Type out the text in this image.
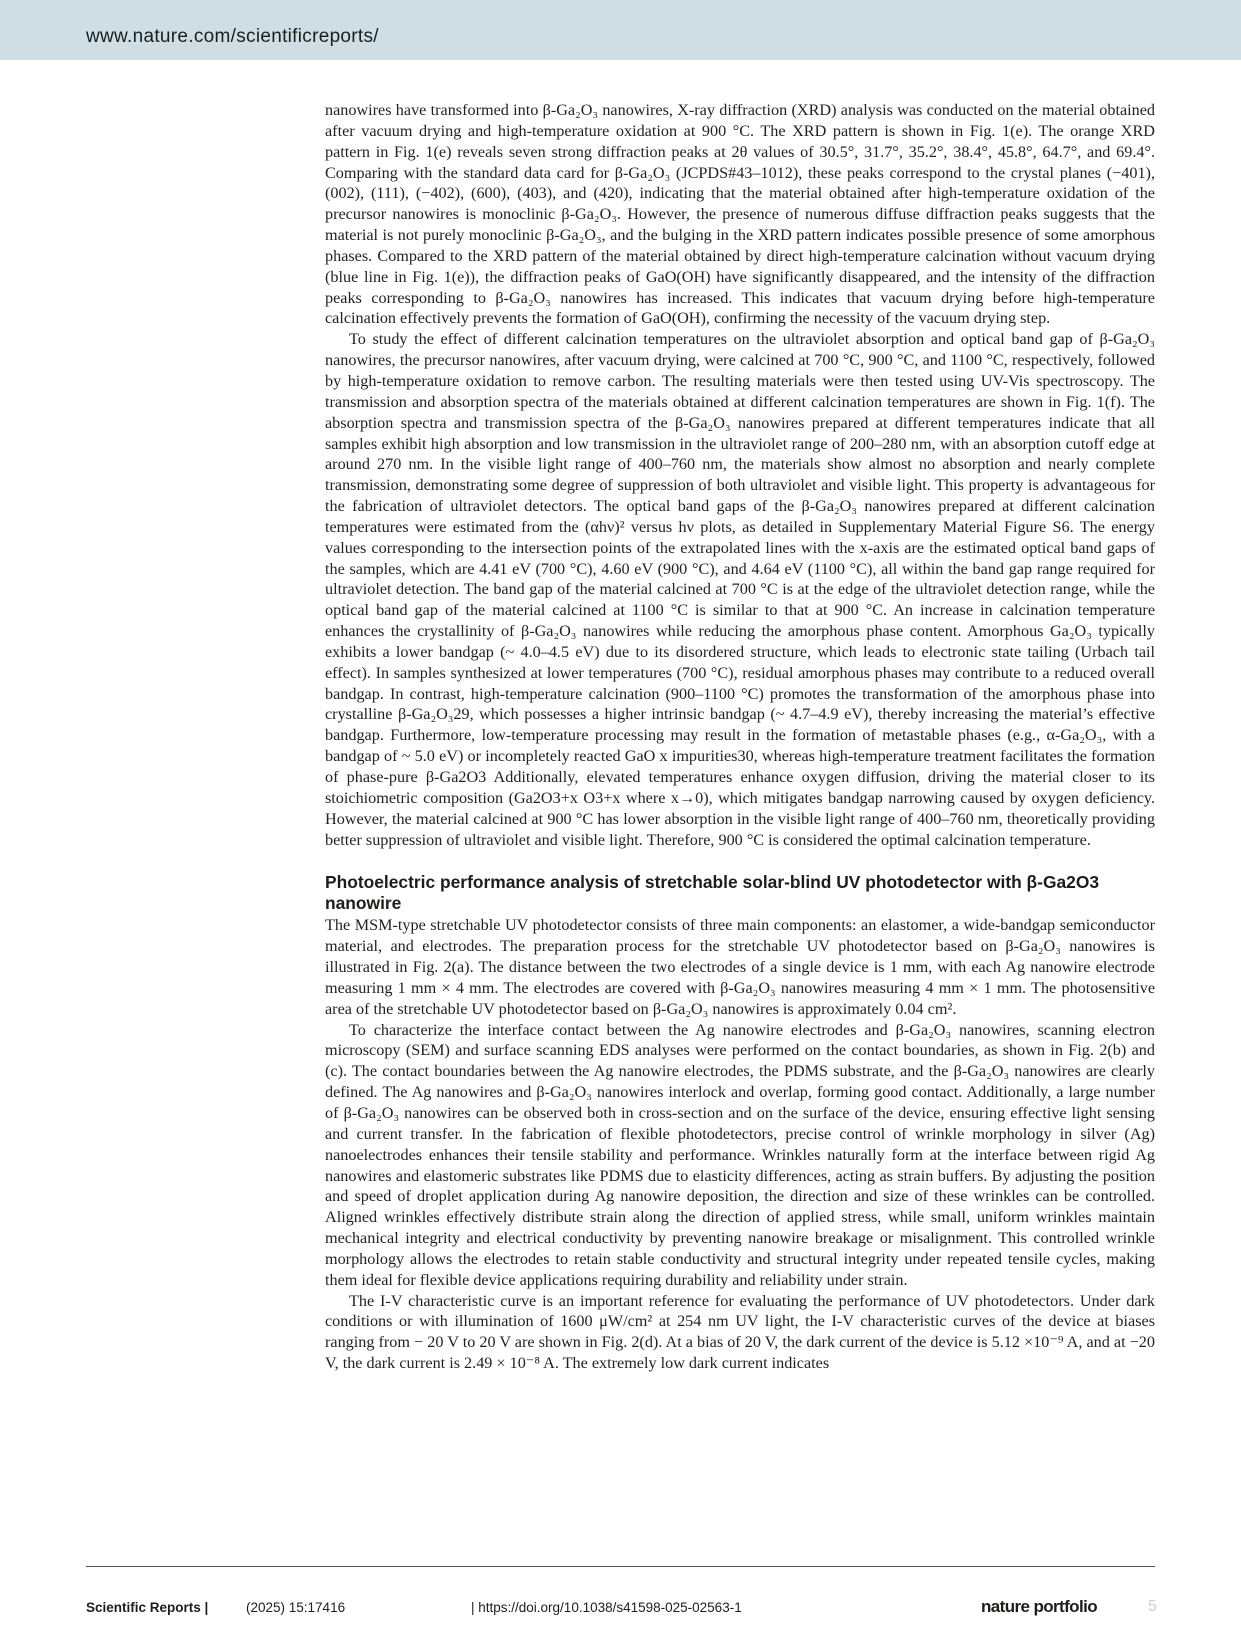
www.nature.com/scientificreports/

nanowires have transformed into β-Ga₂O₃ nanowires, X-ray diffraction (XRD) analysis was conducted on the material obtained after vacuum drying and high-temperature oxidation at 900 °C. The XRD pattern is shown in Fig. 1(e). The orange XRD pattern in Fig. 1(e) reveals seven strong diffraction peaks at 2θ values of 30.5°, 31.7°, 35.2°, 38.4°, 45.8°, 64.7°, and 69.4°. Comparing with the standard data card for β-Ga₂O₃ (JCPDS#43–1012), these peaks correspond to the crystal planes (−401), (002), (111), (−402), (600), (403), and (420), indicating that the material obtained after high-temperature oxidation of the precursor nanowires is monoclinic β-Ga₂O₃. However, the presence of numerous diffuse diffraction peaks suggests that the material is not purely monoclinic β-Ga₂O₃, and the bulging in the XRD pattern indicates possible presence of some amorphous phases. Compared to the XRD pattern of the material obtained by direct high-temperature calcination without vacuum drying (blue line in Fig. 1(e)), the diffraction peaks of GaO(OH) have significantly disappeared, and the intensity of the diffraction peaks corresponding to β-Ga₂O₃ nanowires has increased. This indicates that vacuum drying before high-temperature calcination effectively prevents the formation of GaO(OH), confirming the necessity of the vacuum drying step.

To study the effect of different calcination temperatures on the ultraviolet absorption and optical band gap of β-Ga₂O₃ nanowires, the precursor nanowires, after vacuum drying, were calcined at 700 °C, 900 °C, and 1100 °C, respectively, followed by high-temperature oxidation to remove carbon. The resulting materials were then tested using UV-Vis spectroscopy. The transmission and absorption spectra of the materials obtained at different calcination temperatures are shown in Fig. 1(f). The absorption spectra and transmission spectra of the β-Ga₂O₃ nanowires prepared at different temperatures indicate that all samples exhibit high absorption and low transmission in the ultraviolet range of 200–280 nm, with an absorption cutoff edge at around 270 nm. In the visible light range of 400–760 nm, the materials show almost no absorption and nearly complete transmission, demonstrating some degree of suppression of both ultraviolet and visible light. This property is advantageous for the fabrication of ultraviolet detectors. The optical band gaps of the β-Ga₂O₃ nanowires prepared at different calcination temperatures were estimated from the (αhν)² versus hν plots, as detailed in Supplementary Material Figure S6. The energy values corresponding to the intersection points of the extrapolated lines with the x-axis are the estimated optical band gaps of the samples, which are 4.41 eV (700 °C), 4.60 eV (900 °C), and 4.64 eV (1100 °C), all within the band gap range required for ultraviolet detection. The band gap of the material calcined at 700 °C is at the edge of the ultraviolet detection range, while the optical band gap of the material calcined at 1100 °C is similar to that at 900 °C. An increase in calcination temperature enhances the crystallinity of β-Ga₂O₃ nanowires while reducing the amorphous phase content. Amorphous Ga₂O₃ typically exhibits a lower bandgap (~ 4.0–4.5 eV) due to its disordered structure, which leads to electronic state tailing (Urbach tail effect). In samples synthesized at lower temperatures (700 °C), residual amorphous phases may contribute to a reduced overall bandgap. In contrast, high-temperature calcination (900–1100 °C) promotes the transformation of the amorphous phase into crystalline β-Ga₂O₃29, which possesses a higher intrinsic bandgap (~ 4.7–4.9 eV), thereby increasing the material’s effective bandgap. Furthermore, low-temperature processing may result in the formation of metastable phases (e.g., α-Ga₂O₃, with a bandgap of ~ 5.0 eV) or incompletely reacted GaO x impurities30, whereas high-temperature treatment facilitates the formation of phase-pure β-Ga2O3 Additionally, elevated temperatures enhance oxygen diffusion, driving the material closer to its stoichiometric composition (Ga2O3+x O3+x where x→0), which mitigates bandgap narrowing caused by oxygen deficiency. However, the material calcined at 900 °C has lower absorption in the visible light range of 400–760 nm, theoretically providing better suppression of ultraviolet and visible light. Therefore, 900 °C is considered the optimal calcination temperature.

Photoelectric performance analysis of stretchable solar-blind UV photodetector with β-Ga2O3 nanowire

The MSM-type stretchable UV photodetector consists of three main components: an elastomer, a wide-bandgap semiconductor material, and electrodes. The preparation process for the stretchable UV photodetector based on β-Ga₂O₃ nanowires is illustrated in Fig. 2(a). The distance between the two electrodes of a single device is 1 mm, with each Ag nanowire electrode measuring 1 mm × 4 mm. The electrodes are covered with β-Ga₂O₃ nanowires measuring 4 mm × 1 mm. The photosensitive area of the stretchable UV photodetector based on β-Ga₂O₃ nanowires is approximately 0.04 cm².

To characterize the interface contact between the Ag nanowire electrodes and β-Ga₂O₃ nanowires, scanning electron microscopy (SEM) and surface scanning EDS analyses were performed on the contact boundaries, as shown in Fig. 2(b) and (c). The contact boundaries between the Ag nanowire electrodes, the PDMS substrate, and the β-Ga₂O₃ nanowires are clearly defined. The Ag nanowires and β-Ga₂O₃ nanowires interlock and overlap, forming good contact. Additionally, a large number of β-Ga₂O₃ nanowires can be observed both in cross-section and on the surface of the device, ensuring effective light sensing and current transfer. In the fabrication of flexible photodetectors, precise control of wrinkle morphology in silver (Ag) nanoelectrodes enhances their tensile stability and performance. Wrinkles naturally form at the interface between rigid Ag nanowires and elastomeric substrates like PDMS due to elasticity differences, acting as strain buffers. By adjusting the position and speed of droplet application during Ag nanowire deposition, the direction and size of these wrinkles can be controlled. Aligned wrinkles effectively distribute strain along the direction of applied stress, while small, uniform wrinkles maintain mechanical integrity and electrical conductivity by preventing nanowire breakage or misalignment. This controlled wrinkle morphology allows the electrodes to retain stable conductivity and structural integrity under repeated tensile cycles, making them ideal for flexible device applications requiring durability and reliability under strain.

The I-V characteristic curve is an important reference for evaluating the performance of UV photodetectors. Under dark conditions or with illumination of 1600 μW/cm² at 254 nm UV light, the I-V characteristic curves of the device at biases ranging from − 20 V to 20 V are shown in Fig. 2(d). At a bias of 20 V, the dark current of the device is 5.12 ×10⁻⁹ A, and at −20 V, the dark current is 2.49 × 10⁻⁸ A. The extremely low dark current indicates

Scientific Reports |	(2025) 15:17416	| https://doi.org/10.1038/s41598-025-02563-1	nature portfolio	5
